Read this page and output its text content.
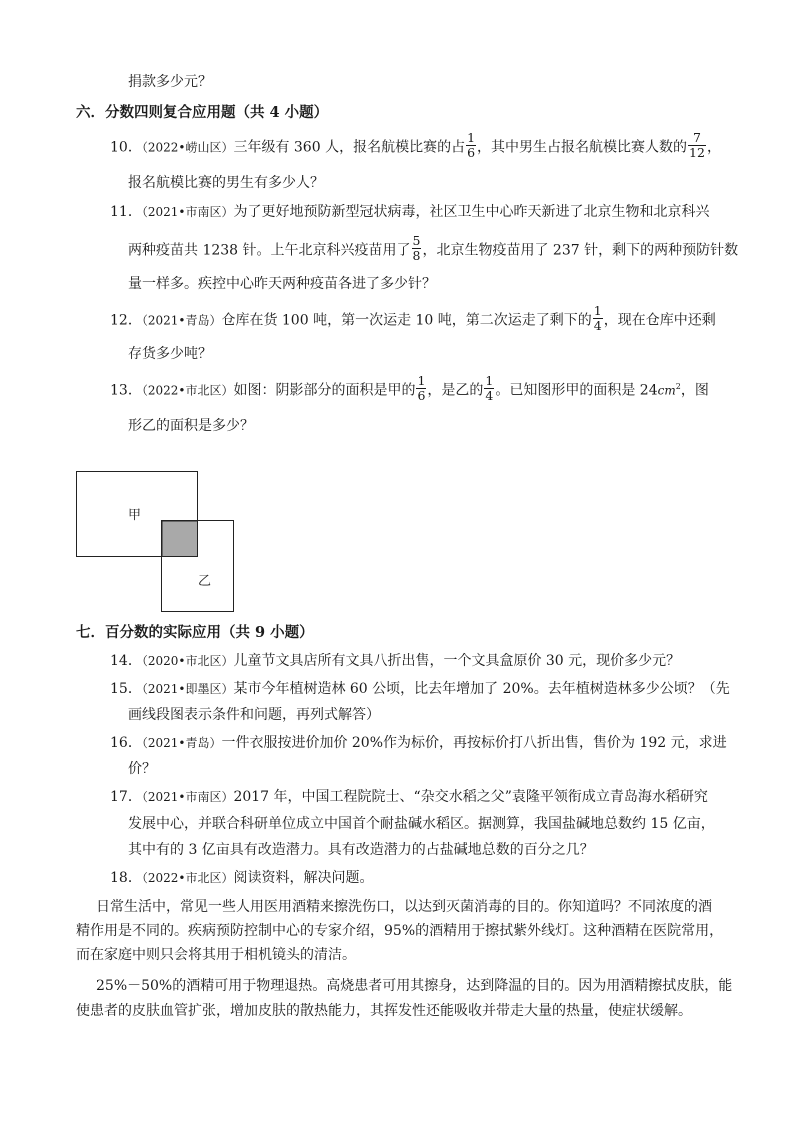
捐款多少元？
六．分数四则复合应用题（共 4 小题）
10．（2022•崂山区）三年级有 360 人，报名航模比赛的占 $\frac{1}{6}$ ，其中男生占报名航模比赛人数的 $\frac{7}{12}$ ，
报名航模比赛的男生有多少人？
11．（2021•市南区）为了更好地预防新型冠状病毒，社区卫生中心昨天新进了北京生物和北京科兴
两种疫苗共 1238 针。上午北京科兴疫苗用了 $\frac{5}{8}$ ，北京生物疫苗用了 237 针，剩下的两种预防针数
量一样多。疾控中心昨天两种疫苗各进了多少针？
12．（2021•青岛）仓库在货 100 吨，第一次运走 10 吨，第二次运走了剩下的 $\frac{1}{4}$ ，现在仓库中还剩
存货多少吨？
13．（2022•市北区）如图：阴影部分的面积是甲的 $\frac{1}{6}$ ，是乙的 $\frac{1}{4}$ 。已知图形甲的面积是 $24cm^2$，图
形乙的面积是多少？
甲
乙
七．百分数的实际应用（共 9 小题）
14．（2020•市北区）儿童节文具店所有文具八折出售，一个文具盒原价 30 元，现价多少元？
15．（2021•即墨区）某市今年植树造林 60 公顷，比去年增加了 20%。去年植树造林多少公顷？（先
画线段图表示条件和问题，再列式解答）
16．（2021•青岛）一件衣服按进价加价 20%作为标价，再按标价打八折出售，售价为 192 元，求进
价？
17．（2021•市南区）2017 年，中国工程院院士、“杂交水稻之父”袁隆平领衔成立青岛海水稻研究
发展中心，并联合科研单位成立中国首个耐盐碱水稻区。据测算，我国盐碱地总数约 15 亿亩，
其中有的 3 亿亩具有改造潜力。具有改造潜力的占盐碱地总数的百分之几？
18．（2022•市北区）阅读资料，解决问题。
日常生活中，常见一些人用医用酒精来擦洗伤口，以达到灭菌消毒的目的。你知道吗？不同浓度的酒
精作用是不同的。疾病预防控制中心的专家介绍，95%的酒精用于擦拭紫外线灯。这种酒精在医院常用，
而在家庭中则只会将其用于相机镜头的清洁。
25%－50%的酒精可用于物理退热。高烧患者可用其擦身，达到降温的目的。因为用酒精擦拭皮肤，能
使患者的皮肤血管扩张，增加皮肤的散热能力，其挥发性还能吸收并带走大量的热量，使症状缓解。
